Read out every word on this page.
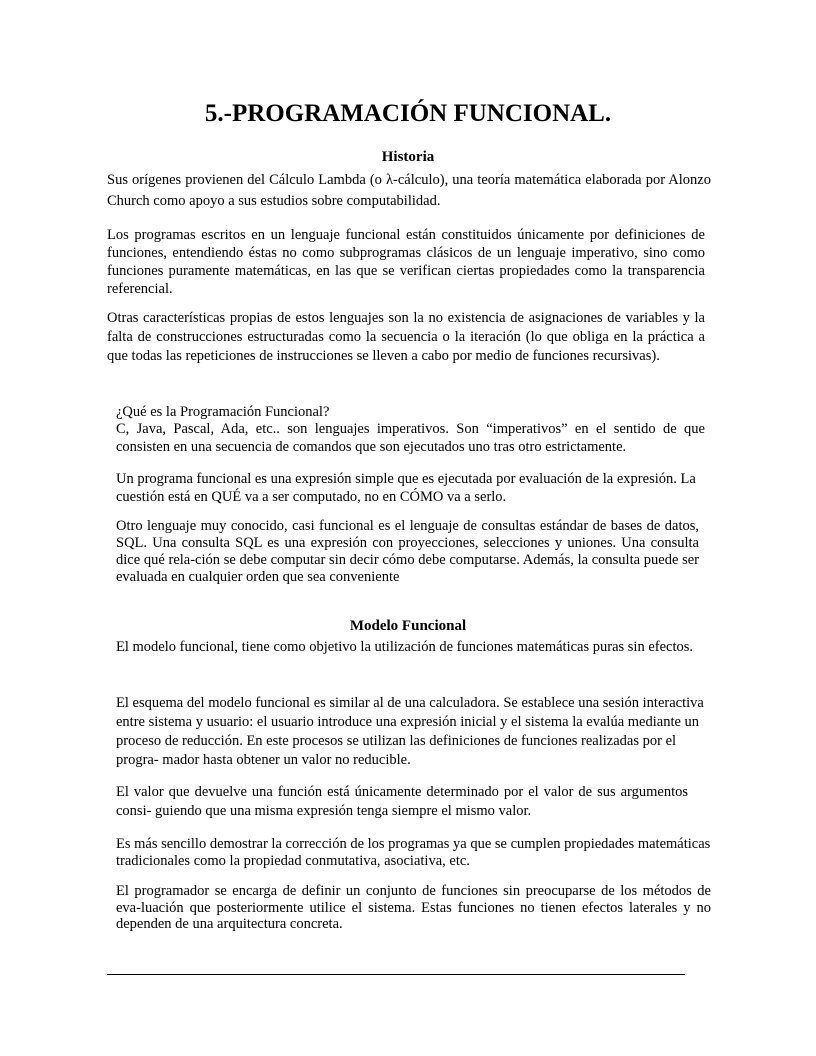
5.-PROGRAMACIÓN FUNCIONAL.
Historia

Sus orígenes provienen del Cálculo Lambda (o λ-cálculo), una teoría matemática elaborada por Alonzo Church como apoyo a sus estudios sobre computabilidad.

Los programas escritos en un lenguaje funcional están constituidos únicamente por definiciones de funciones, entendiendo éstas no como subprogramas clásicos de un lenguaje imperativo, sino como funciones puramente matemáticas, en las que se verifican ciertas propiedades como la transparencia referencial.

Otras características propias de estos lenguajes son la no existencia de asignaciones de variables y la falta de construcciones estructuradas como la secuencia o la iteración (lo que obliga en la práctica a que todas las repeticiones de instrucciones se lleven a cabo por medio de funciones recursivas).

¿Qué es la Programación Funcional?

C, Java, Pascal, Ada, etc.. son lenguajes imperativos. Son “imperativos” en el sentido de que consisten en una secuencia de comandos que son ejecutados uno tras otro estrictamente.

Un programa funcional es una expresión simple que es ejecutada por evaluación de la expresión. La cuestión está en QUÉ va a ser computado, no en CÓMO va a serlo.

Otro lenguaje muy conocido, casi funcional es el lenguaje de consultas estándar de bases de datos, SQL. Una consulta SQL es una expresión con proyecciones, selecciones y uniones. Una consulta dice qué rela-ción se debe computar sin decir cómo debe computarse. Además, la consulta puede ser evaluada en cualquier orden que sea conveniente

Modelo Funcional

El modelo funcional, tiene como objetivo la utilización de funciones matemáticas puras sin efectos.

El esquema del modelo funcional es similar al de una calculadora. Se establece una sesión interactiva entre sistema y usuario: el usuario introduce una expresión inicial y el sistema la evalúa mediante un proceso de reducción. En este procesos se utilizan las definiciones de funciones realizadas por el progra- mador hasta obtener un valor no reducible.

El valor que devuelve una función está únicamente determinado por el valor de sus argumentos consi- guiendo que una misma expresión tenga siempre el mismo valor.

Es más sencillo demostrar la corrección de los programas ya que se cumplen propiedades matemáticas tradicionales como la propiedad conmutativa, asociativa, etc.

El programador se encarga de definir un conjunto de funciones sin preocuparse de los métodos de eva-luación que posteriormente utilice el sistema. Estas funciones no tienen efectos laterales y no dependen de una arquitectura concreta.
